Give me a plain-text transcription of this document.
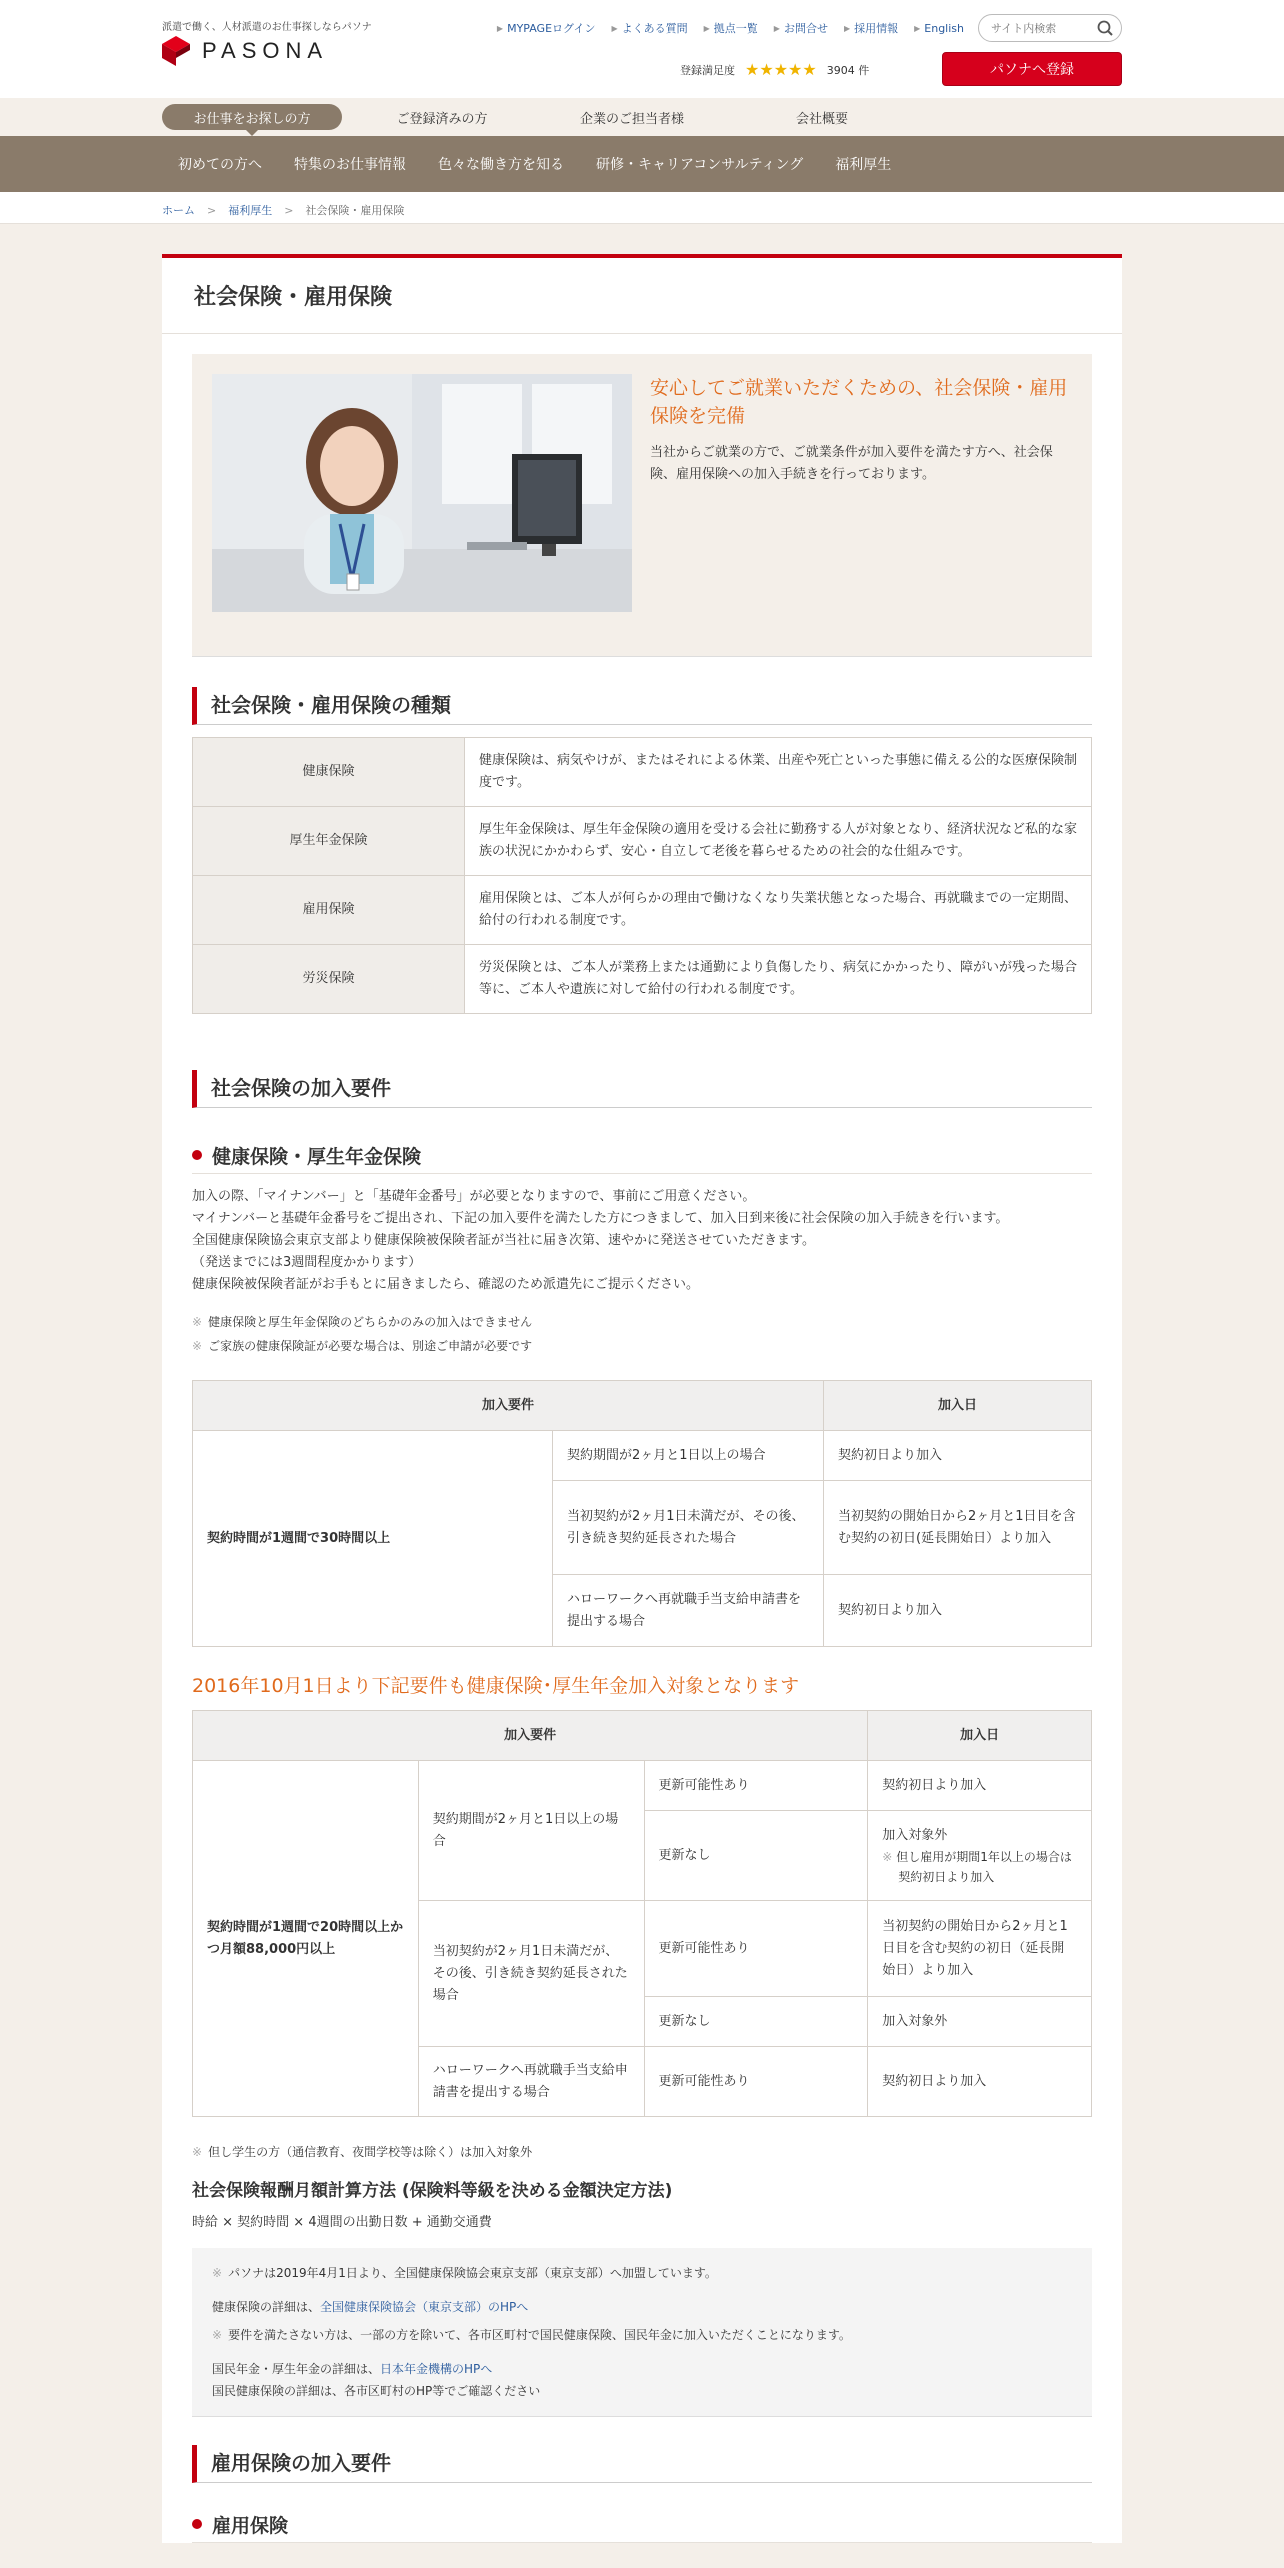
派遣で働く、人材派遣のお仕事探しならパソナ
PASONA
▶ MYPAGEログイン ▶ よくある質問 ▶ 拠点一覧 ▶ お問合せ ▶ 採用情報 ▶ English
サイト内検索
登録満足度 ★★★★★ 3904 件	パソナへ登録
お仕事をお探しの方	ご登録済みの方	企業のご担当者様	会社概要
初めての方へ	特集のお仕事情報	色々な働き方を知る	研修・キャリアコンサルティング	福利厚生
ホーム > 福利厚生 > 社会保険・雇用保険
社会保険・雇用保険
安心してご就業いただくための、社会保険・雇用保険を完備
当社からご就業の方で、ご就業条件が加入要件を満たす方へ、社会保険、雇用保険への加入手続きを行っております。
社会保険・雇用保険の種類
健康保険	健康保険は、病気やけが、またはそれによる休業、出産や死亡といった事態に備える公的な医療保険制度です。
厚生年金保険	厚生年金保険は、厚生年金保険の適用を受ける会社に勤務する人が対象となり、経済状況など私的な家族の状況にかかわらず、安心・自立して老後を暮らせるための社会的な仕組みです。
雇用保険	雇用保険とは、ご本人が何らかの理由で働けなくなり失業状態となった場合、再就職までの一定期間、給付の行われる制度です。
労災保険	労災保険とは、ご本人が業務上または通勤により負傷したり、病気にかかったり、障がいが残った場合等に、ご本人や遺族に対して給付の行われる制度です。
社会保険の加入要件
健康保険・厚生年金保険
加入の際、「マイナンバー」と「基礎年金番号」が必要となりますので、事前にご用意ください。
マイナンバーと基礎年金番号をご提出され、下記の加入要件を満たした方につきまして、加入日到来後に社会保険の加入手続きを行います。
全国健康保険協会東京支部より健康保険被保険者証が当社に届き次第、速やかに発送させていただきます。
（発送までには3週間程度かかります）
健康保険被保険者証がお手もとに届きましたら、確認のため派遣先にご提示ください。
※ 健康保険と厚生年金保険のどちらかのみの加入はできません
※ ご家族の健康保険証が必要な場合は、別途ご申請が必要です
加入要件		加入日
契約時間が1週間で30時間以上	契約期間が2ヶ月と1日以上の場合	契約初日より加入
	当初契約が2ヶ月1日未満だが、その後、引き続き契約延長された場合	当初契約の開始日から2ヶ月と1日目を含む契約の初日(延長開始日）より加入
	ハローワークへ再就職手当支給申請書を提出する場合	契約初日より加入
2016年10月1日より下記要件も健康保険･厚生年金加入対象となります
加入要件			加入日
契約時間が1週間で20時間以上かつ月額88,000円以上	契約期間が2ヶ月と1日以上の場合	更新可能性あり	契約初日より加入
		更新なし	加入対象外
※ 但し雇用が期間1年以上の場合は契約初日より加入

	当初契約が2ヶ月1日未満だが、その後、引き続き契約延長された場合	更新可能性あり	当初契約の開始日から2ヶ月と1日目を含む契約の初日（延長開始日）より加入
		更新なし	加入対象外
	ハローワークへ再就職手当支給申請書を提出する場合	更新可能性あり	契約初日より加入
※ 但し学生の方（通信教育、夜間学校等は除く）は加入対象外
社会保険報酬月額計算方法 (保険料等級を決める金額決定方法)
時給 × 契約時間 × 4週間の出勤日数 + 通勤交通費
※ パソナは2019年4月1日より、全国健康保険協会東京支部（東京支部）へ加盟しています。
健康保険の詳細は、全国健康保険協会（東京支部）のHPへ
※ 要件を満たさない方は、一部の方を除いて、各市区町村で国民健康保険、国民年金に加入いただくことになります。
国民年金・厚生年金の詳細は、日本年金機構のHPへ
国民健康保険の詳細は、各市区町村のHP等でご確認ください
雇用保険の加入要件
雇用保険
